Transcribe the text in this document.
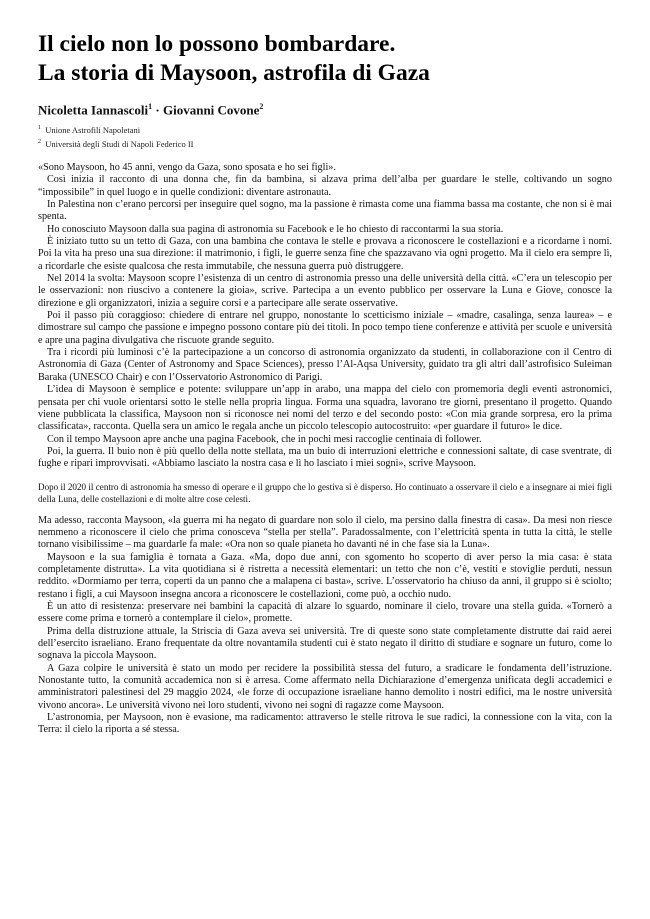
Il cielo non lo possono bombardare.
La storia di Maysoon, astrofila di Gaza
Nicoletta Iannascoli$^1$ · Giovanni Covone$^2$
$^1$ Unione Astrofili Napoletani
$^2$ Università degli Studi di Napoli Federico II

«Sono Maysoon, ho 45 anni, vengo da Gaza, sono sposata e ho sei figli».

Così inizia il racconto di una donna che, fin da bambina, si alzava prima dell’alba per guardare le stelle, coltivando un sogno “impossibile” in quel luogo e in quelle condizioni: diventare astronauta.

In Palestina non c’erano percorsi per inseguire quel sogno, ma la passione è rimasta come una fiamma bassa ma costante, che non si è mai spenta.

Ho conosciuto Maysoon dalla sua pagina di astronomia su Facebook e le ho chiesto di raccontarmi la sua storia.

È iniziato tutto su un tetto di Gaza, con una bambina che contava le stelle e provava a riconoscere le costellazioni e a ricordarne i nomi. Poi la vita ha preso una sua direzione: il matrimonio, i figli, le guerre senza fine che spazzavano via ogni progetto. Ma il cielo era sempre lì, a ricordarle che esiste qualcosa che resta immutabile, che nessuna guerra può distruggere.

Nel 2014 la svolta: Maysoon scopre l’esistenza di un centro di astronomia presso una delle università della città. «C’era un telescopio per le osservazioni: non riuscivo a contenere la gioia», scrive. Partecipa a un evento pubblico per osservare la Luna e Giove, conosce la direzione e gli organizzatori, inizia a seguire corsi e a partecipare alle serate osservative.

Poi il passo più coraggioso: chiedere di entrare nel gruppo, nonostante lo scetticismo iniziale – «madre, casalinga, senza laurea» – e dimostrare sul campo che passione e impegno possono contare più dei titoli. In poco tempo tiene conferenze e attività per scuole e università e apre una pagina divulgativa che riscuote grande seguito.

Tra i ricordi più luminosi c’è la partecipazione a un concorso di astronomia organizzato da studenti, in collaborazione con il Centro di Astronomia di Gaza (Center of Astronomy and Space Sciences), presso l’Al-Aqsa University, guidato tra gli altri dall’astrofisico Suleiman Baraka (UNESCO Chair) e con l’Osservatorio Astronomico di Parigi.

L’idea di Maysoon è semplice e potente: sviluppare un’app in arabo, una mappa del cielo con promemoria degli eventi astronomici, pensata per chi vuole orientarsi sotto le stelle nella propria lingua. Forma una squadra, lavorano tre giorni, presentano il progetto. Quando viene pubblicata la classifica, Maysoon non si riconosce nei nomi del terzo e del secondo posto: «Con mia grande sorpresa, ero la prima classificata», racconta. Quella sera un amico le regala anche un piccolo telescopio autocostruito: «per guardare il futuro» le dice.

Con il tempo Maysoon apre anche una pagina Facebook, che in pochi mesi raccoglie centinaia di follower.

Poi, la guerra. Il buio non è più quello della notte stellata, ma un buio di interruzioni elettriche e connessioni saltate, di case sventrate, di fughe e ripari improvvisati. «Abbiamo lasciato la nostra casa e lì ho lasciato i miei sogni», scrive Maysoon.

Dopo il 2020 il centro di astronomia ha smesso di operare e il gruppo che lo gestiva si è disperso. Ho continuato a osservare il cielo e a insegnare ai miei figli della Luna, delle costellazioni e di molte altre cose celesti.

Ma adesso, racconta Maysoon, «la guerra mi ha negato di guardare non solo il cielo, ma persino dalla finestra di casa». Da mesi non riesce nemmeno a riconoscere il cielo che prima conosceva “stella per stella”. Paradossalmente, con l’elettricità spenta in tutta la città, le stelle tornano visibilissime – ma guardarle fa male: «Ora non so quale pianeta ho davanti né in che fase sia la Luna».

Maysoon e la sua famiglia è tornata a Gaza. «Ma, dopo due anni, con sgomento ho scoperto di aver perso la mia casa: è stata completamente distrutta». La vita quotidiana si è ristretta a necessità elementari: un tetto che non c’è, vestiti e stoviglie perduti, nessun reddito. «Dormiamo per terra, coperti da un panno che a malapena ci basta», scrive. L’osservatorio ha chiuso da anni, il gruppo si è sciolto; restano i figli, a cui Maysoon insegna ancora a riconoscere le costellazioni, come può, a occhio nudo.

È un atto di resistenza: preservare nei bambini la capacità di alzare lo sguardo, nominare il cielo, trovare una stella guida. «Tornerò a essere come prima e tornerò a contemplare il cielo», promette.

Prima della distruzione attuale, la Striscia di Gaza aveva sei università. Tre di queste sono state completamente distrutte dai raid aerei dell’esercito israeliano. Erano frequentate da oltre novantamila studenti cui è stato negato il diritto di studiare e sognare un futuro, come lo sognava la piccola Maysoon.

A Gaza colpire le università è stato un modo per recidere la possibilità stessa del futuro, a sradicare le fondamenta dell’istruzione. Nonostante tutto, la comunità accademica non si è arresa. Come affermato nella Dichiarazione d’emergenza unificata degli accademici e amministratori palestinesi del 29 maggio 2024, «le forze di occupazione israeliane hanno demolito i nostri edifici, ma le nostre università vivono ancora». Le università vivono nei loro studenti, vivono nei sogni di ragazze come Maysoon.

L’astronomia, per Maysoon, non è evasione, ma radicamento: attraverso le stelle ritrova le sue radici, la connessione con la vita, con la Terra: il cielo la riporta a sé stessa.
